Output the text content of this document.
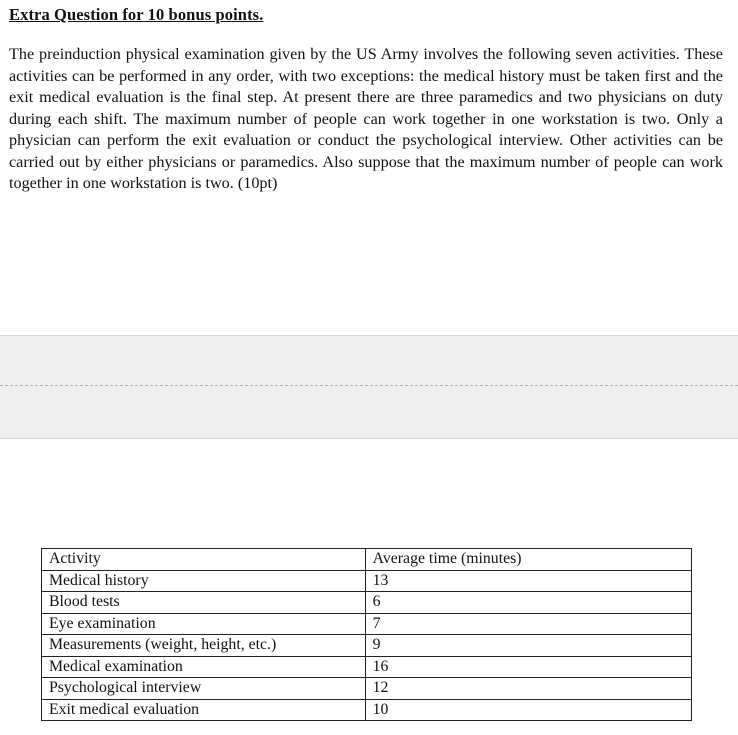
Extra Question for 10 bonus points.

The preinduction physical examination given by the US Army involves the following seven activities. These activities can be performed in any order, with two exceptions: the medical history must be taken first and the exit medical evaluation is the final step. At present there are three paramedics and two physicians on duty during each shift. The maximum number of people can work together in one workstation is two. Only a physician can perform the exit evaluation or conduct the psychological interview. Other activities can be carried out by either physicians or paramedics. Also suppose that the maximum number of people can work together in one workstation is two. (10pt)

Activity	Average time (minutes)
Medical history	13
Blood tests	6
Eye examination	7
Measurements (weight, height, etc.)	9
Medical examination	16
Psychological interview	12
Exit medical evaluation	10
